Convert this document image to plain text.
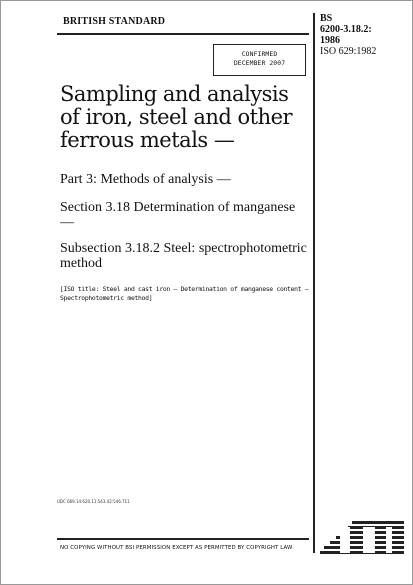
BRITISH STANDARD	BS
6200-3.18.2:
1986
ISO 629:1982
CONFIRMED
DECEMBER 2007
Sampling and analysis of iron, steel and other ferrous metals —
Part 3: Methods of analysis —
Section 3.18 Determination of manganese —
Subsection 3.18.2 Steel: spectrophotometric method
[ISO title: Steel and cast iron — Determination of manganese content — Spectrophotometric method]
UDC 669.14:620.11:543.42:546.711
NO COPYING WITHOUT BSI PERMISSION EXCEPT AS PERMITTED BY COPYRIGHT LAW
